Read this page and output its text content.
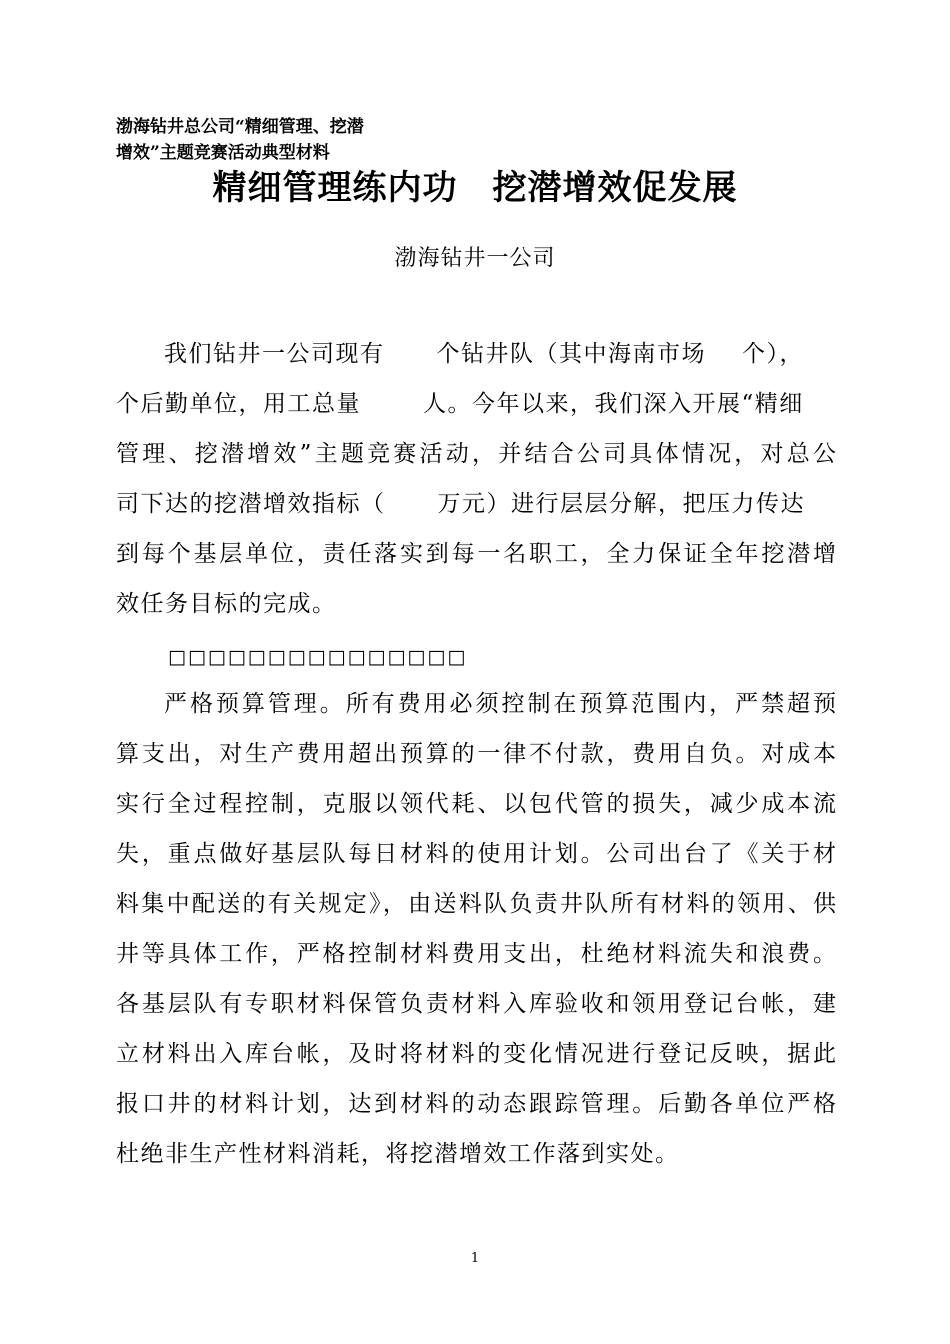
渤海钻井总公司“精细管理、挖潜
增效”主题竞赛活动典型材料
精细管理练内功　挖潜增效促发展
渤海钻井一公司
我们钻井一公司现有 个钻井队（其中海南市场 个），
个后勤单位，用工总量	人。今年以来，我们深入开展“精细
管理、挖潜增效”主题竞赛活动，并结合公司具体情况，对总公
司下达的挖潜增效指标（ 万元）进行层层分解，把压力传达
到每个基层单位，责任落实到每一名职工，全力保证全年挖潜增
效任务目标的完成。
□□□□□□□□□□□□□□□
严格预算管理。所有费用必须控制在预算范围内，严禁超预
算支出，对生产费用超出预算的一律不付款，费用自负。对成本
实行全过程控制，克服以领代耗、以包代管的损失，减少成本流
失，重点做好基层队每日材料的使用计划。公司出台了《关于材
料集中配送的有关规定》，由送料队负责井队所有材料的领用、供
井等具体工作，严格控制材料费用支出，杜绝材料流失和浪费。
各基层队有专职材料保管负责材料入库验收和领用登记台帐，建
立材料出入库台帐，及时将材料的变化情况进行登记反映，据此
报口井的材料计划，达到材料的动态跟踪管理。后勤各单位严格
杜绝非生产性材料消耗，将挖潜增效工作落到实处。
1
